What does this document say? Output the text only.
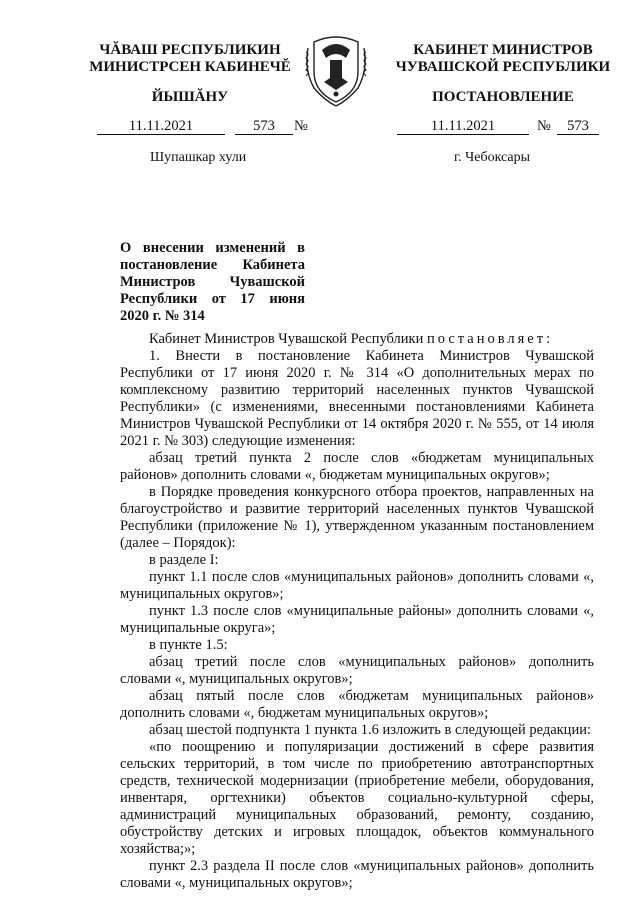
ЧĂВАШ РЕСПУБЛИКИН
МИНИСТРСЕН КАБИНЕЧĔ
ЙЫШĂНУ
КАБИНЕТ МИНИСТРОВ
ЧУВАШСКОЙ РЕСПУБЛИКИ
ПОСТАНОВЛЕНИЕ
11.11.2021	573	№	11.11.2021	№	573
Шупашкар хули	г. Чебоксары
О внесении изменений в постановление Кабинета Министров Чувашской Республики от 17 июня 2020 г. № 314

Кабинет Министров Чувашской Республики постановляет:

1. Внести в постановление Кабинета Министров Чувашской Республики от 17 июня 2020 г. № 314 «О дополнительных мерах по комплексному развитию территорий населенных пунктов Чувашской Республики» (с изменениями, внесенными постановлениями Кабинета Министров Чувашской Республики от 14 октября 2020 г. № 555, от 14 июля 2021 г. № 303) следующие изменения:

абзац третий пункта 2 после слов «бюджетам муниципальных районов» дополнить словами «, бюджетам муниципальных округов»;

в Порядке проведения конкурсного отбора проектов, направленных на благоустройство и развитие территорий населенных пунктов Чувашской Республики (приложение № 1), утвержденном указанным постановлением (далее – Порядок):

в разделе I:

пункт 1.1 после слов «муниципальных районов» дополнить словами «, муниципальных округов»;

пункт 1.3 после слов «муниципальные районы» дополнить словами «, муниципальные округа»;

в пункте 1.5:

абзац третий после слов «муниципальных районов» дополнить словами «, муниципальных округов»;

абзац пятый после слов «бюджетам муниципальных районов» дополнить словами «, бюджетам муниципальных округов»;

абзац шестой подпункта 1 пункта 1.6 изложить в следующей редакции:

«по поощрению и популяризации достижений в сфере развития сельских территорий, в том числе по приобретению автотранспортных средств, технической модернизации (приобретение мебели, оборудования, инвентаря, оргтехники) объектов социально-культурной сферы, администраций муниципальных образований, ремонту, созданию, обустройству детских и игровых площадок, объектов коммунального хозяйства;»;

пункт 2.3 раздела II после слов «муниципальных районов» дополнить словами «, муниципальных округов»;
